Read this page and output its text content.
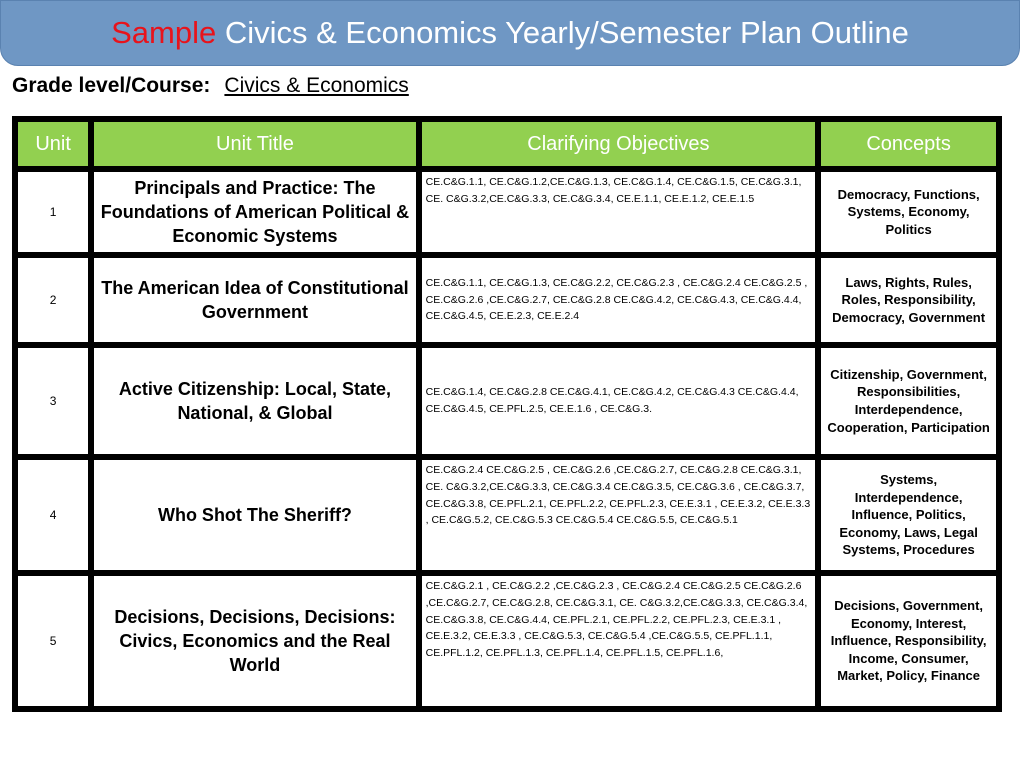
Sample Civics & Economics Yearly/Semester Plan Outline
Grade level/Course: Civics & Economics
Unit	Unit Title	Clarifying Objectives	Concepts
1	Principals and Practice: The Foundations of American Political & Economic Systems	CE.C&G.1.1, CE.C&G.1.2,CE.C&G.1.3, CE.C&G.1.4, CE.C&G.1.5, CE.C&G.3.1, CE. C&G.3.2,CE.C&G.3.3, CE.C&G.3.4, CE.E.1.1, CE.E.1.2, CE.E.1.5	Democracy, Functions, Systems, Economy, Politics
2	The American Idea of Constitutional Government	CE.C&G.1.1, CE.C&G.1.3, CE.C&G.2.2, CE.C&G.2.3 , CE.C&G.2.4 CE.C&G.2.5 , CE.C&G.2.6 ,CE.C&G.2.7, CE.C&G.2.8 CE.C&G.4.2, CE.C&G.4.3, CE.C&G.4.4, CE.C&G.4.5, CE.E.2.3, CE.E.2.4	Laws, Rights, Rules, Roles, Responsibility, Democracy, Government
3	Active Citizenship: Local, State, National, & Global	CE.C&G.1.4, CE.C&G.2.8 CE.C&G.4.1, CE.C&G.4.2, CE.C&G.4.3 CE.C&G.4.4, CE.C&G.4.5, CE.PFL.2.5, CE.E.1.6 , CE.C&G.3.	Citizenship, Government, Responsibilities, Interdependence, Cooperation, Participation
4	Who Shot The Sheriff?	CE.C&G.2.4 CE.C&G.2.5 , CE.C&G.2.6 ,CE.C&G.2.7, CE.C&G.2.8 CE.C&G.3.1, CE. C&G.3.2,CE.C&G.3.3, CE.C&G.3.4 CE.C&G.3.5, CE.C&G.3.6 , CE.C&G.3.7, CE.C&G.3.8, CE.PFL.2.1, CE.PFL.2.2, CE.PFL.2.3, CE.E.3.1 , CE.E.3.2, CE.E.3.3 , CE.C&G.5.2, CE.C&G.5.3 CE.C&G.5.4 CE.C&G.5.5, CE.C&G.5.1	Systems, Interdependence, Influence, Politics, Economy, Laws, Legal Systems, Procedures
5	Decisions, Decisions, Decisions: Civics, Economics and the Real World	CE.C&G.2.1 , CE.C&G.2.2 ,CE.C&G.2.3 , CE.C&G.2.4 CE.C&G.2.5 CE.C&G.2.6 ,CE.C&G.2.7, CE.C&G.2.8, CE.C&G.3.1, CE. C&G.3.2,CE.C&G.3.3, CE.C&G.3.4, CE.C&G.3.8, CE.C&G.4.4, CE.PFL.2.1, CE.PFL.2.2, CE.PFL.2.3, CE.E.3.1 , CE.E.3.2, CE.E.3.3 , CE.C&G.5.3, CE.C&G.5.4 ,CE.C&G.5.5, CE.PFL.1.1, CE.PFL.1.2, CE.PFL.1.3, CE.PFL.1.4, CE.PFL.1.5, CE.PFL.1.6,	Decisions, Government, Economy, Interest, Influence, Responsibility, Income, Consumer, Market, Policy, Finance
